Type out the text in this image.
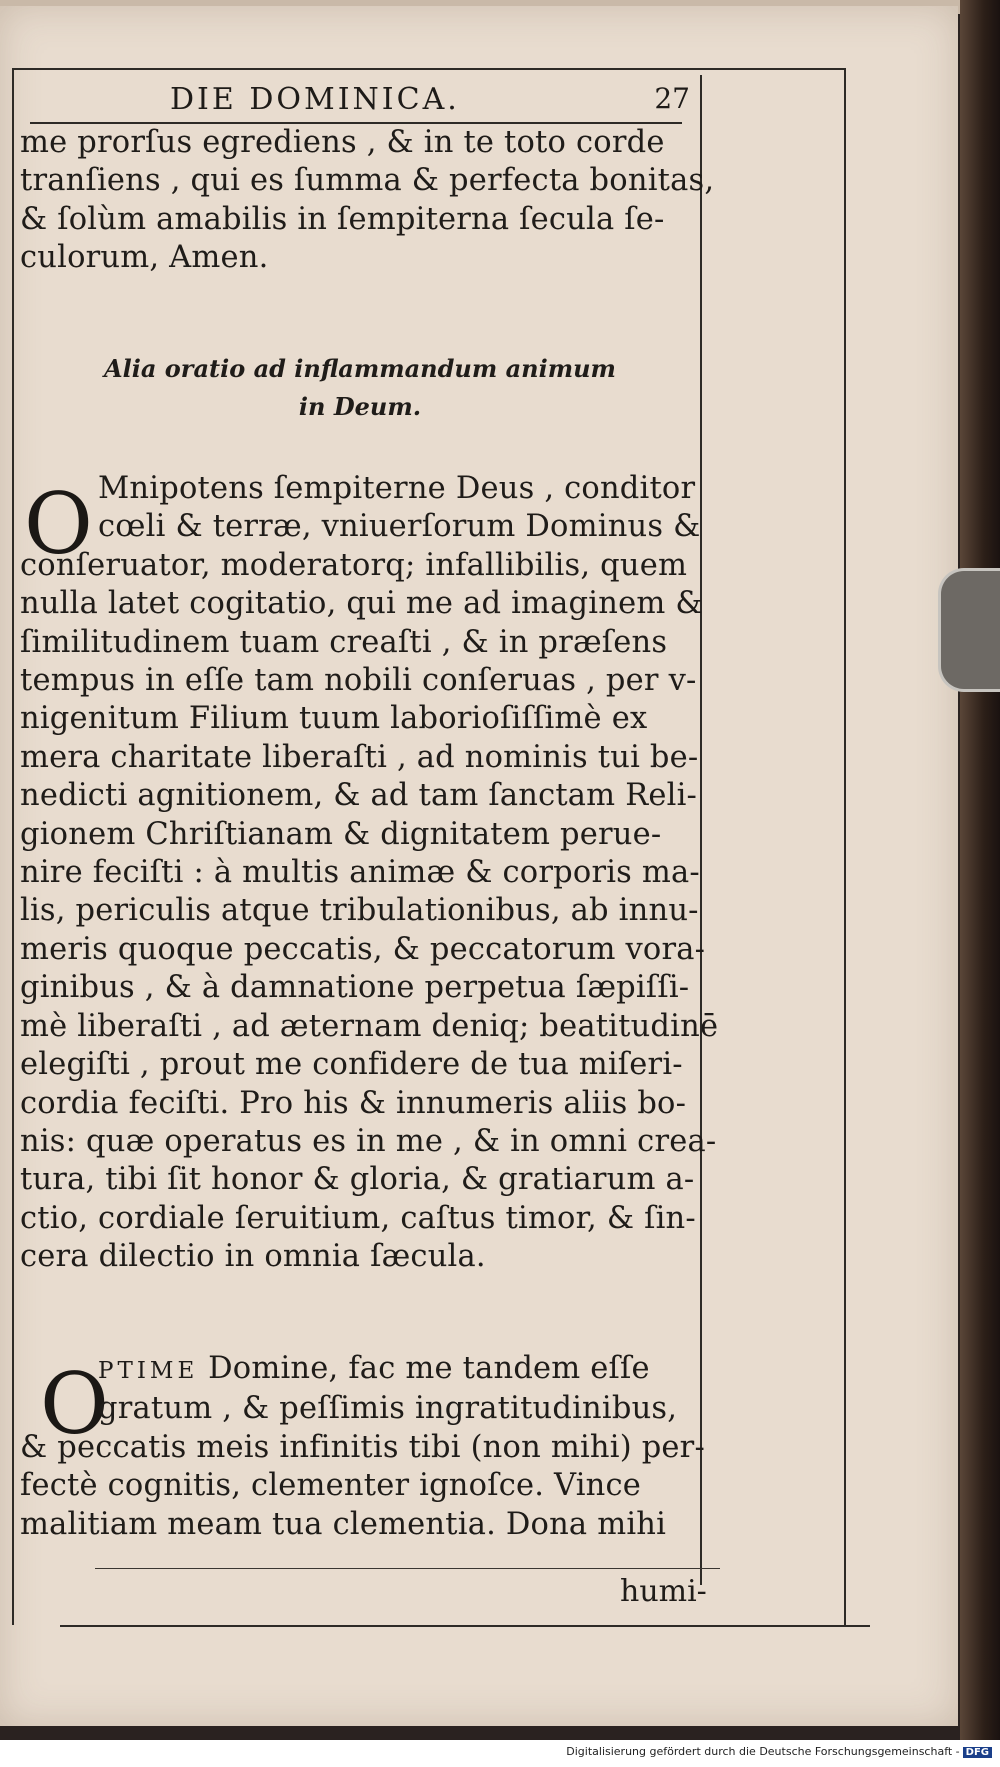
DIE DOMINICA.	27
me prorſus egrediens , & in te toto corde
tranſiens , qui es ſumma & perfecta bonitas,
& ſolùm amabilis in ſempiterna ſecula ſe-
culorum, Amen.
Alia oratio ad inflammandum animum
in Deum.
O Mnipotens ſempiterne Deus , conditor
cœli & terræ, vniuerſorum Dominus &
conſeruator, moderatorq; infallibilis, quem
nulla latet cogitatio, qui me ad imaginem &
ſimilitudinem tuam creaſti , & in præſens
tempus in eſſe tam nobili conſeruas , per v-
nigenitum Filium tuum laborioſiſſimè ex
mera charitate liberaſti , ad nominis tui be-
nedicti agnitionem, & ad tam ſanctam Reli-
gionem Chriſtianam & dignitatem perue-
nire feciſti : à multis animæ & corporis ma-
lis, periculis atque tribulationibus, ab innu-
meris quoque peccatis, & peccatorum vora-
ginibus , & à damnatione perpetua ſæpiſſi-
mè liberaſti , ad æternam deniq; beatitudinē
elegiſti , prout me confidere de tua miſeri-
cordia feciſti. Pro his & innumeris aliis bo-
nis: quæ operatus es in me , & in omni crea-
tura, tibi ſit honor & gloria, & gratiarum a-
ctio, cordiale ſeruitium, caſtus timor, & ſin-
cera dilectio in omnia ſæcula.
O
PTIME Domine, fac me tandem eſſe
gratum , & peſſimis ingratitudinibus,
& peccatis meis infinitis tibi (non mihi) per-
fectè cognitis, clementer ignoſce. Vince
malitiam meam tua clementia. Dona mihi
humi-
Digitalisierung gefördert durch die Deutsche Forschungsgemeinschaft - DFG
